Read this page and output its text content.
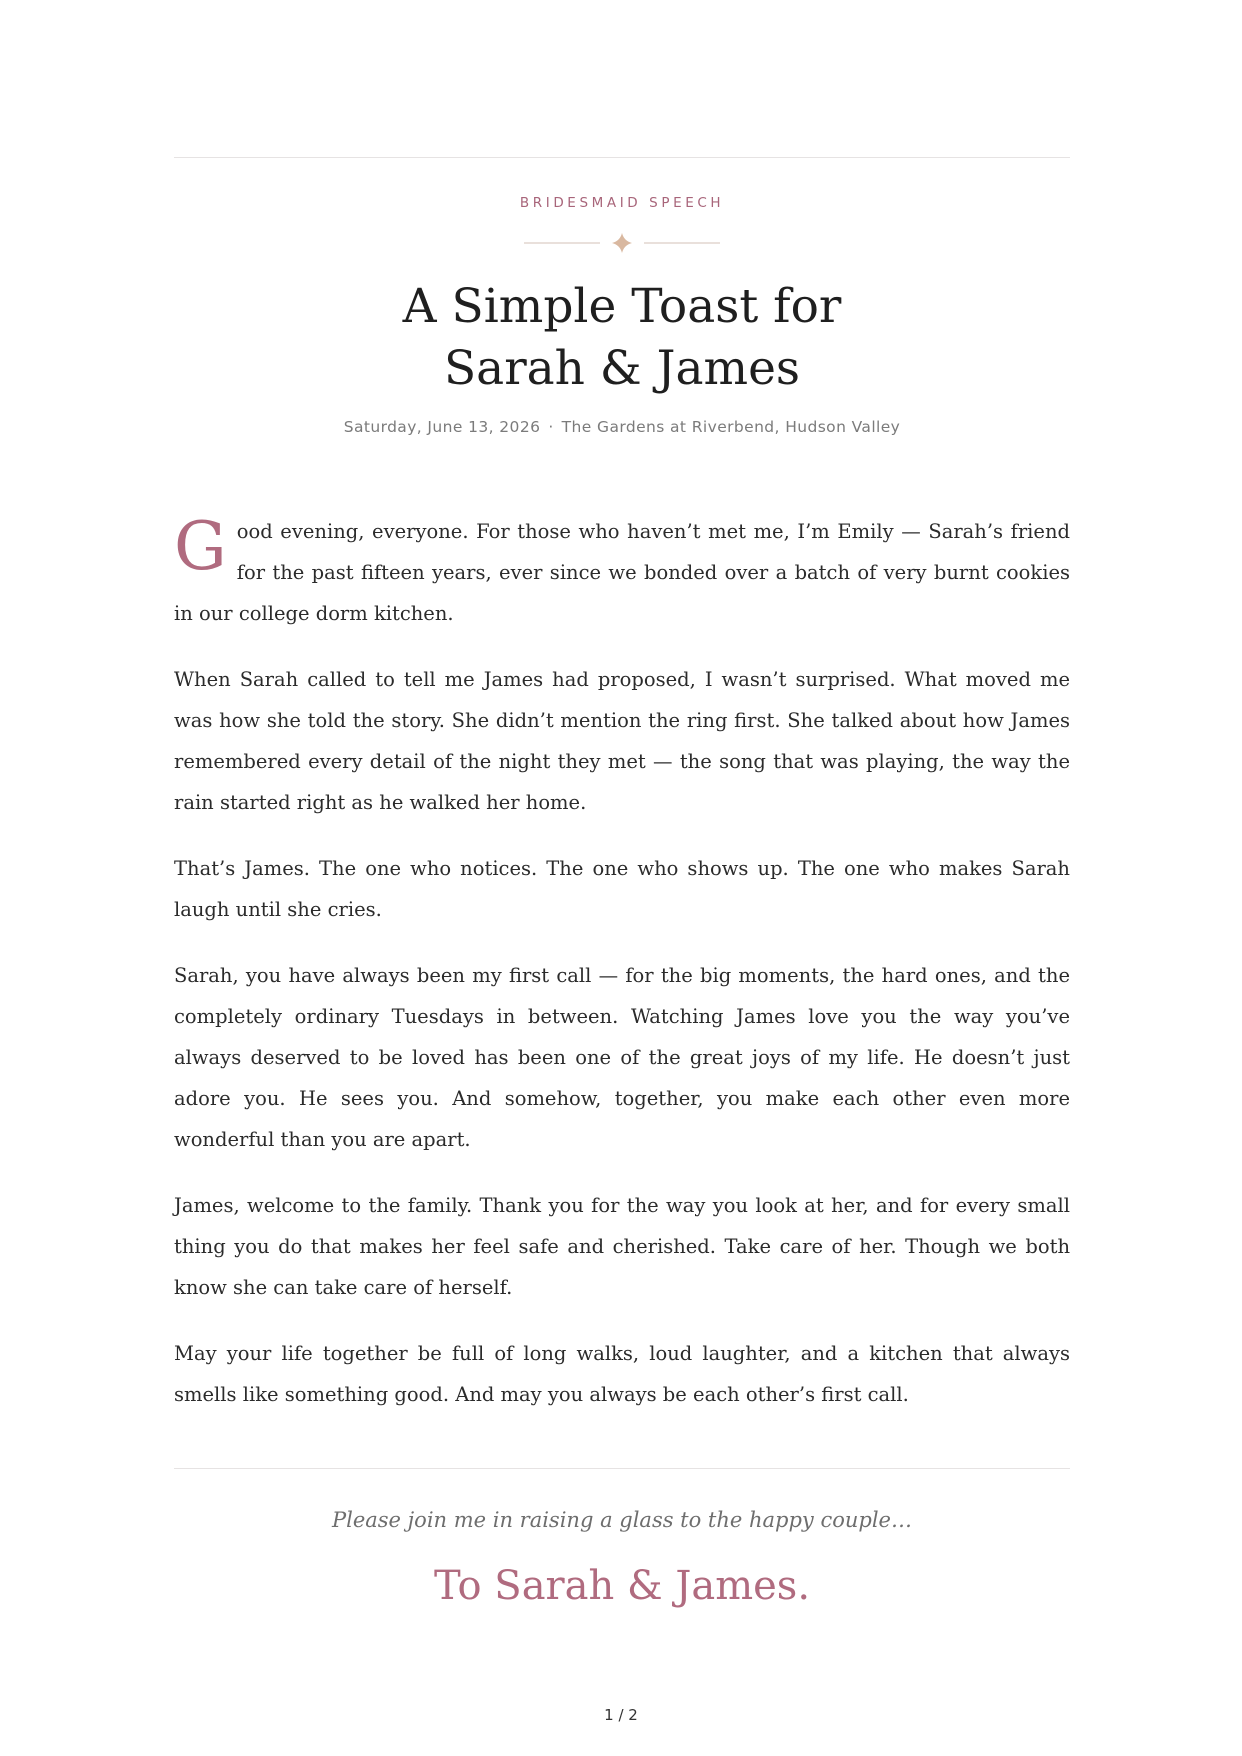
BRIDESMAID SPEECH
A Simple Toast for
Sarah & James
Saturday, June 13, 2026 · The Gardens at Riverbend, Hudson Valley

Good evening, everyone. For those who haven’t met me, I’m Emily — Sarah’s friend for the past fifteen years, ever since we bonded over a batch of very burnt cookies in our college dorm kitchen.

When Sarah called to tell me James had proposed, I wasn’t surprised. What moved me was how she told the story. She didn’t mention the ring first. She talked about how James remembered every detail of the night they met — the song that was playing, the way the rain started right as he walked her home.

That’s James. The one who notices. The one who shows up. The one who makes Sarah laugh until she cries.

Sarah, you have always been my first call — for the big moments, the hard ones, and the completely ordinary Tuesdays in between. Watching James love you the way you’ve always deserved to be loved has been one of the great joys of my life. He doesn’t just adore you. He sees you. And somehow, together, you make each other even more wonderful than you are apart.

James, welcome to the family. Thank you for the way you look at her, and for every small thing you do that makes her feel safe and cherished. Take care of her. Though we both know she can take care of herself.

May your life together be full of long walks, loud laughter, and a kitchen that always smells like something good. And may you always be each other’s first call.

Please join me in raising a glass to the happy couple…
To Sarah & James.
1 / 2
